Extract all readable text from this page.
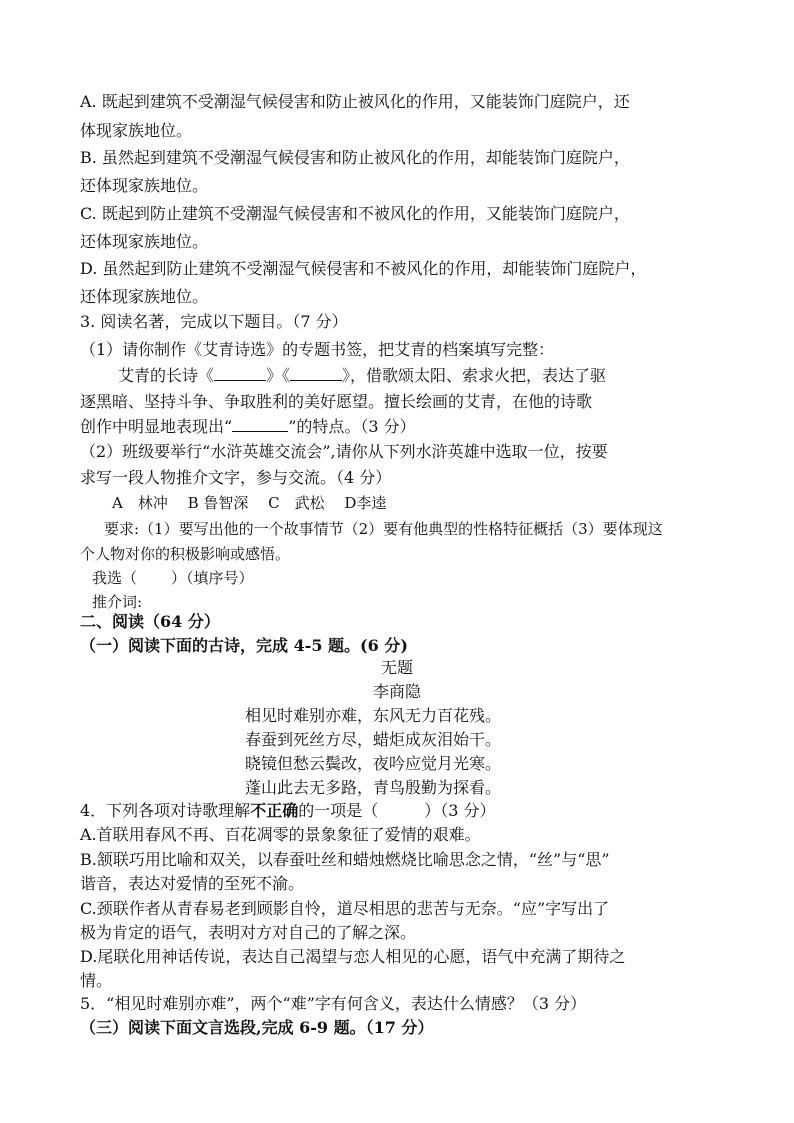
A. 既起到建筑不受潮湿气候侵害和防止被风化的作用，又能装饰门庭院户，还
体现家族地位。
B. 虽然起到建筑不受潮湿气候侵害和防止被风化的作用，却能装饰门庭院户，
还体现家族地位。
C. 既起到防止建筑不受潮湿气候侵害和不被风化的作用，又能装饰门庭院户，
还体现家族地位。
D. 虽然起到防止建筑不受潮湿气候侵害和不被风化的作用，却能装饰门庭院户，
还体现家族地位。
3. 阅读名著，完成以下题目。（7 分）
（1）请你制作《艾青诗选》的专题书签，把艾青的档案填写完整：
艾青的长诗《	》《	》，借歌颂太阳、索求火把，表达了驱
逐黑暗、坚持斗争、争取胜利的美好愿望。擅长绘画的艾青，在他的诗歌
创作中明显地表现出“	”的特点。（3 分）
（2）班级要举行“水浒英雄交流会”,请你从下列水浒英雄中选取一位，按要
求写一段人物推介文字，参与交流。（4 分）
A　林冲　 B 鲁智深　 C　武松　 D李逵
要求:（1）要写出他的一个故事情节（2）要有他典型的性格特征概括（3）要体现这
个人物对你的积极影响或感悟。
我选（ ）（填序号）
推介词:
二、阅读（64 分）
（一）阅读下面的古诗，完成 4-5 题。(6 分)
无题
李商隐
相见时难别亦难，东风无力百花残。
春蚕到死丝方尽，蜡炬成灰泪始干。
晓镜但愁云鬓改，夜吟应觉月光寒。
蓬山此去无多路，青鸟殷勤为探看。
4．下列各项对诗歌理解不正确的一项是（	）（3 分）
A.首联用春风不再、百花凋零的景象象征了爱情的艰难。
B.颔联巧用比喻和双关，以春蚕吐丝和蜡烛燃烧比喻思念之情，“丝”与“思”
谐音，表达对爱情的至死不渝。
C.颈联作者从青春易老到顾影自怜，道尽相思的悲苦与无奈。“应”字写出了
极为肯定的语气，表明对方对自己的了解之深。
D.尾联化用神话传说，表达自己渴望与恋人相见的心愿，语气中充满了期待之
情。
5．“相见时难别亦难”，两个“难”字有何含义，表达什么情感？（3 分）
（三）阅读下面文言选段,完成 6-9 题。（17 分）
